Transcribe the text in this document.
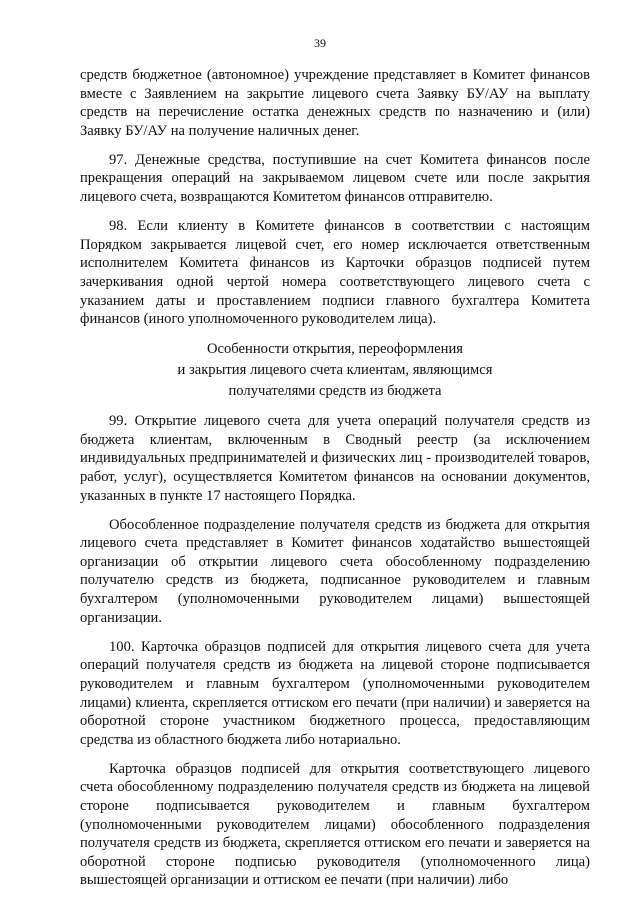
39

средств бюджетное (автономное) учреждение представляет в Комитет финансов вместе с Заявлением на закрытие лицевого счета Заявку БУ/АУ на выплату средств на перечисление остатка денежных средств по назначению и (или) Заявку БУ/АУ на получение наличных денег.

97. Денежные средства, поступившие на счет Комитета финансов после прекращения операций на закрываемом лицевом счете или после закрытия лицевого счета, возвращаются Комитетом финансов отправителю.

98. Если клиенту в Комитете финансов в соответствии с настоящим Порядком закрывается лицевой счет, его номер исключается ответственным исполнителем Комитета финансов из Карточки образцов подписей путем зачеркивания одной чертой номера соответствующего лицевого счета с указанием даты и проставлением подписи главного бухгалтера Комитета финансов (иного уполномоченного руководителем лица).

Особенности открытия, переоформления
и закрытия лицевого счета клиентам, являющимся
получателями средств из бюджета

99. Открытие лицевого счета для учета операций получателя средств из бюджета клиентам, включенным в Сводный реестр (за исключением индивидуальных предпринимателей и физических лиц - производителей товаров, работ, услуг), осуществляется Комитетом финансов на основании документов, указанных в пункте 17 настоящего Порядка.

Обособленное подразделение получателя средств из бюджета для открытия лицевого счета представляет в Комитет финансов ходатайство вышестоящей организации об открытии лицевого счета обособленному подразделению получателю средств из бюджета, подписанное руководителем и главным бухгалтером (уполномоченными руководителем лицами) вышестоящей организации.

100. Карточка образцов подписей для открытия лицевого счета для учета операций получателя средств из бюджета на лицевой стороне подписывается руководителем и главным бухгалтером (уполномоченными руководителем лицами) клиента, скрепляется оттиском его печати (при наличии) и заверяется на оборотной стороне участником бюджетного процесса, предоставляющим средства из областного бюджета либо нотариально.

Карточка образцов подписей для открытия соответствующего лицевого счета обособленному подразделению получателя средств из бюджета на лицевой стороне подписывается руководителем и главным бухгалтером (уполномоченными руководителем лицами) обособленного подразделения получателя средств из бюджета, скрепляется оттиском его печати и заверяется на оборотной стороне подписью руководителя (уполномоченного лица) вышестоящей организации и оттиском ее печати (при наличии) либо
